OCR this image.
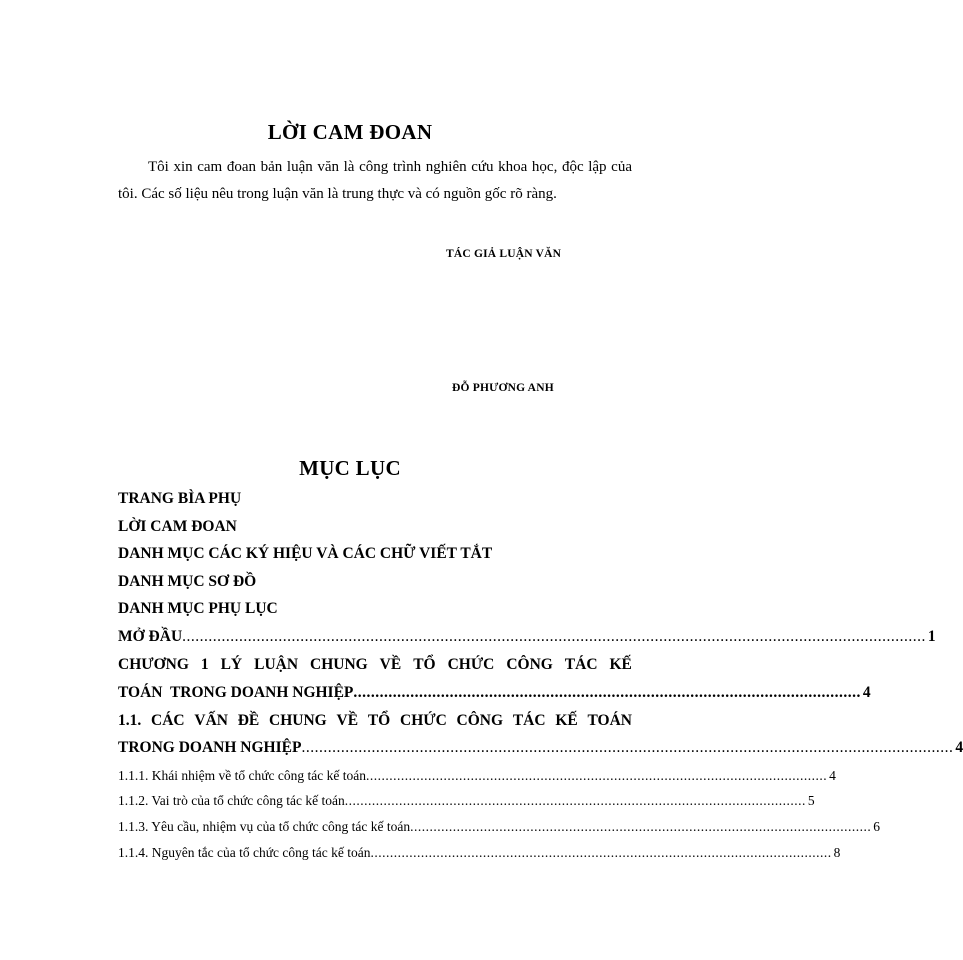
LỜI CAM ĐOAN
Tôi xin cam đoan bản luận văn là công trình nghiên cứu khoa học, độc lập của tôi. Các số liệu nêu trong luận văn là trung thực và có nguồn gốc rõ ràng.
TÁC GIẢ LUẬN VĂN
ĐỖ PHƯƠNG ANH
MỤC LỤC
TRANG BÌA PHỤ
LỜI CAM ĐOAN
DANH MỤC CÁC KÝ HIỆU VÀ CÁC CHỮ VIẾT TẮT
DANH MỤC SƠ ĐỒ
DANH MỤC PHỤ LỤC
MỞ ĐẦU .......................................................................................................................................................................... 1
CHƯƠNG 1 LÝ LUẬN CHUNG VỀ TỔ CHỨC CÔNG TÁC KẾ
TOÁN  TRONG DOANH NGHIỆP .................................................................................................................... 4
1.1. CÁC VẤN ĐỀ CHUNG VỀ TỔ CHỨC CÔNG TÁC KẾ TOÁN
TRONG DOANH NGHIỆP ..................................................................................................................................................... 4
1.1.1. Khái nhiệm về tổ chức công tác kế toán ....................................................................................................................... 4
1.1.2. Vai trò của tổ chức công tác kế toán ....................................................................................................................... 5
1.1.3. Yêu cầu, nhiệm vụ của tổ chức công tác kế toán ....................................................................................................................... 6
1.1.4. Nguyên tắc của tổ chức công tác kế toán ....................................................................................................................... 8
